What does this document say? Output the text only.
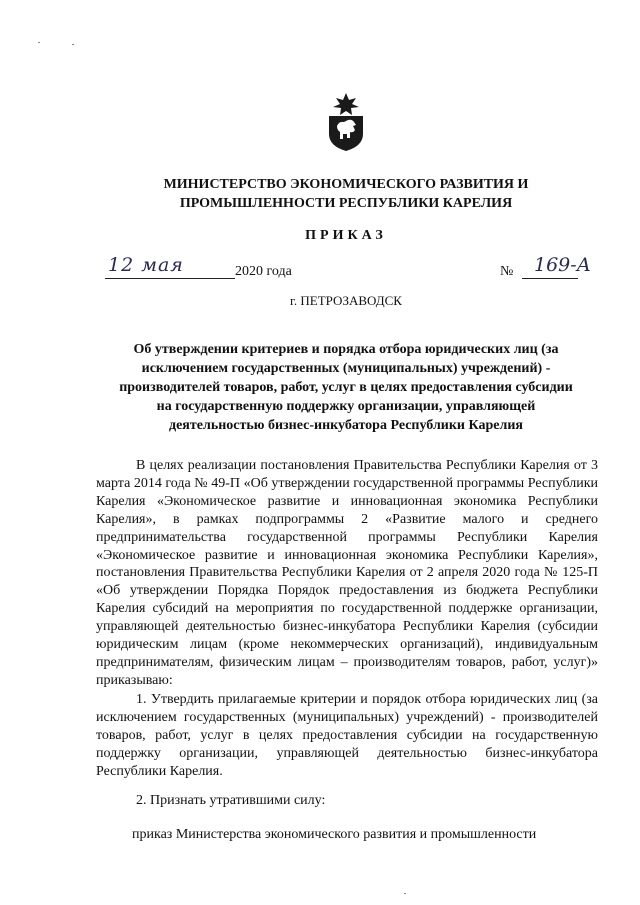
МИНИСТЕРСТВО ЭКОНОМИЧЕСКОГО РАЗВИТИЯ И ПРОМЫШЛЕННОСТИ РЕСПУБЛИКИ КАРЕЛИЯ
ПРИКАЗ
12 мая	2020 года	№ 169-А
г. ПЕТРОЗАВОДСК
Об утверждении критериев и порядка отбора юридических лиц (за исключением государственных (муниципальных) учреждений) - производителей товаров, работ, услуг в целях предоставления субсидии на государственную поддержку организации, управляющей деятельностью бизнес-инкубатора Республики Карелия
В целях реализации постановления Правительства Республики Карелия от 3 марта 2014 года № 49-П «Об утверждении государственной программы Республики Карелия «Экономическое развитие и инновационная экономика Республики Карелия», в рамках подпрограммы 2 «Развитие малого и среднего предпринимательства государственной программы Республики Карелия «Экономическое развитие и инновационная экономика Республики Карелия», постановления Правительства Республики Карелия от 2 апреля 2020 года № 125-П «Об утверждении Порядка Порядок предоставления из бюджета Республики Карелия субсидий на мероприятия по государственной поддержке организации, управляющей деятельностью бизнес-инкубатора Республики Карелия (субсидии юридическим лицам (кроме некоммерческих организаций), индивидуальным предпринимателям, физическим лицам – производителям товаров, работ, услуг)» приказываю:
1. Утвердить прилагаемые критерии и порядок отбора юридических лиц (за исключением государственных (муниципальных) учреждений) - производителей товаров, работ, услуг в целях предоставления субсидии на государственную поддержку организации, управляющей деятельностью бизнес-инкубатора Республики Карелия.
2. Признать утратившими силу:
приказ Министерства экономического развития и промышленности
